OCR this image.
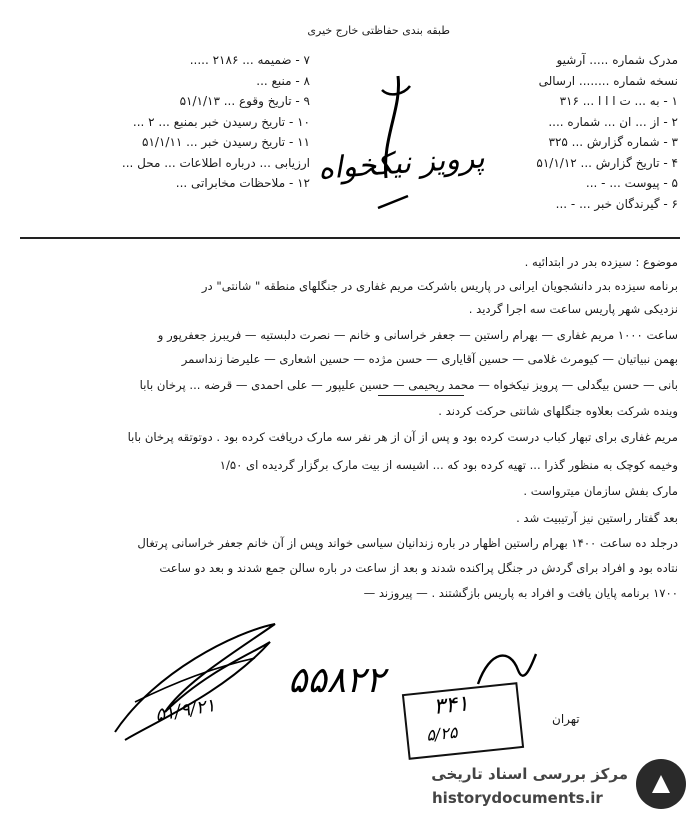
طبقه بندی حفاظتی خارج خیری
مدرک شماره ..... آرشیو
نسخه شماره ........ ارسالی
۱ - به ... ت ا ا ا ... ۳۱۶
۲ - از ... ان ... شماره ....
۳ - شماره گزارش ... ۳۲۵
۴ - تاریخ گزارش ... ۵۱/۱/۱۲
۵ - پیوست ... - ...
۶ - گیرندگان خبر ... - ...
۷ - ضمیمه ... ۲۱۸۶ .....
۸ - منبع ...
۹ - تاریخ وقوع ... ۵۱/۱/۱۳
۱۰ - تاریخ رسیدن خبر بمنبع ... ۲ ...
۱۱ - تاریخ رسیدن خبر ... ۵۱/۱/۱۱
ارزیابی ... درباره اطلاعات ... محل ...
۱۲ - ملاحظات مخابراتی ... پرویز نیکخواه
موضوع : سیزده بدر در ابتدائیه .
برنامه سیزده بدر دانشجویان ایرانی در پاریس باشرکت مریم غفاری در جنگلهای منطقه " شانتی" در
نزدیکی شهر پاریس ساعت سه اجرا گردید .
ساعت ۱۰۰۰ مریم غفاری — بهرام راستین — جعفر خراسانی و خانم — نصرت دلبستیه — فریبرز جعفرپور و
بهمن نبیاتیان — کیومرث غلامی — حسین آقایاری — حسن مژده — حسین اشعاری — علیرضا زنداسمر
بانی — حسن بیگدلی — پرویز نیکخواه — محمد ریحیمی — حسین علیپور — علی احمدی — قرضه ... پرخان بابا
وینده شرکت بعلاوه جنگلهای شانتی حرکت کردند .
مریم غفاری برای تبهار کباب درست کرده بود و پس از آن از هر نفر سه مارک دریافت کرده بود . دوتوتقه پرخان بابا
وخیمه کوچک به منظور گذرا ... تهیه کرده بود که ... اشیسه از بیت مارک برگزار گردیده ای ۱/۵۰
مارک بفش سازمان میترواست .
بعد گفتار راستین نیز آرتیبیت شد .
درجلد ده ساعت ۱۴۰۰ بهرام راستین اظهار در باره زندانیان سیاسی خواند وپس از آن خانم جعفر خراسانی پرتغال
نتاده بود و افراد برای گردش در جنگل پراکنده شدند و بعد از ساعت در باره سالن جمع شدند و بعد دو ساعت
۱۷۰۰ برنامه پایان یافت و افراد به پاریس بازگشتند . — پیروزند —
۵۵۸۲۲
۵۱/۹/۲۱	تهران
۳۴۱
۵/۲۵
مرکز بررسی اسناد تاریخی
historydocuments.ir
